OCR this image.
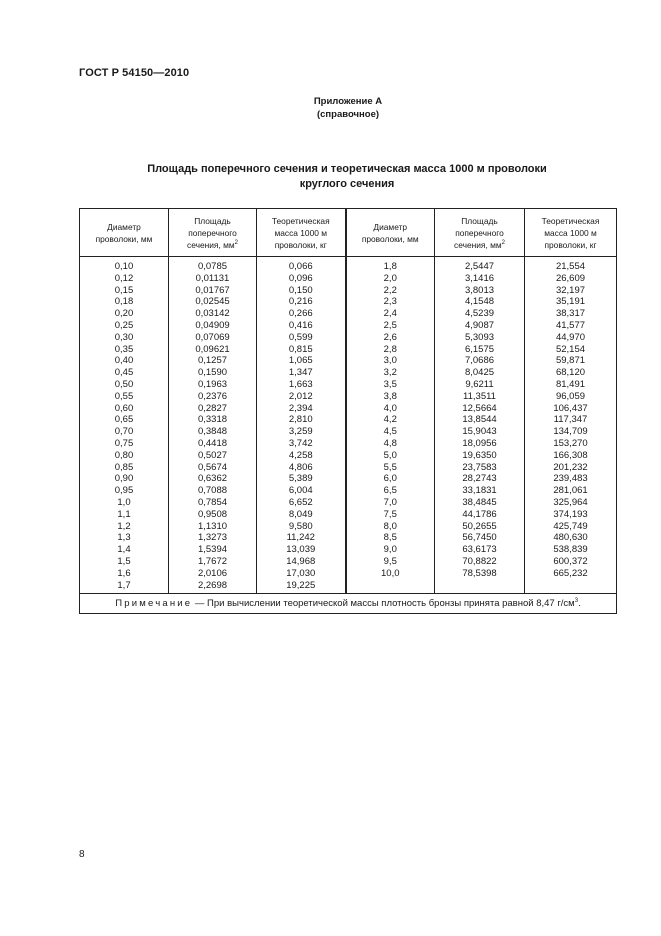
ГОСТ Р 54150—2010
Приложение А
(справочное)
Площадь поперечного сечения и теоретическая масса 1000 м проволоки
круглого сечения
Диаметр
проволоки, мм	Площадь
поперечного
сечения, $мм^2$	Теоретическая
масса 1000 м
проволоки, кг	Диаметр
проволоки, мм	Площадь
поперечного
сечения, $мм^2$	Теоретическая
масса 1000 м
проволоки, кг
0,10	0,0785	0,066	1,8	2,5447	21,554
0,12	0,01131	0,096	2,0	3,1416	26,609
0,15	0,01767	0,150	2,2	3,8013	32,197
0,18	0,02545	0,216	2,3	4,1548	35,191
0,20	0,03142	0,266	2,4	4,5239	38,317
0,25	0,04909	0,416	2,5	4,9087	41,577
0,30	0,07069	0,599	2,6	5,3093	44,970
0,35	0,09621	0,815	2,8	6,1575	52,154
0,40	0,1257	1,065	3,0	7,0686	59,871
0,45	0,1590	1,347	3,2	8,0425	68,120
0,50	0,1963	1,663	3,5	9,6211	81,491
0,55	0,2376	2,012	3,8	11,3511	96,059
0,60	0,2827	2,394	4,0	12,5664	106,437
0,65	0,3318	2,810	4,2	13,8544	117,347
0,70	0,3848	3,259	4,5	15,9043	134,709
0,75	0,4418	3,742	4,8	18,0956	153,270
0,80	0,5027	4,258	5,0	19,6350	166,308
0,85	0,5674	4,806	5,5	23,7583	201,232
0,90	0,6362	5,389	6,0	28,2743	239,483
0,95	0,7088	6,004	6,5	33,1831	281,061
1,0	0,7854	6,652	7,0	38,4845	325,964
1,1	0,9508	8,049	7,5	44,1786	374,193
1,2	1,1310	9,580	8,0	50,2655	425,749
1,3	1,3273	11,242	8,5	56,7450	480,630
1,4	1,5394	13,039	9,0	63,6173	538,839
1,5	1,7672	14,968	9,5	70,8822	600,372
1,6	2,0106	17,030	10,0	78,5398	665,232
1,7	2,2698	19,225			
Примечание — При вычислении теоретической массы плотность бронзы принята равной 8,47 $г/см^3$.					
8
